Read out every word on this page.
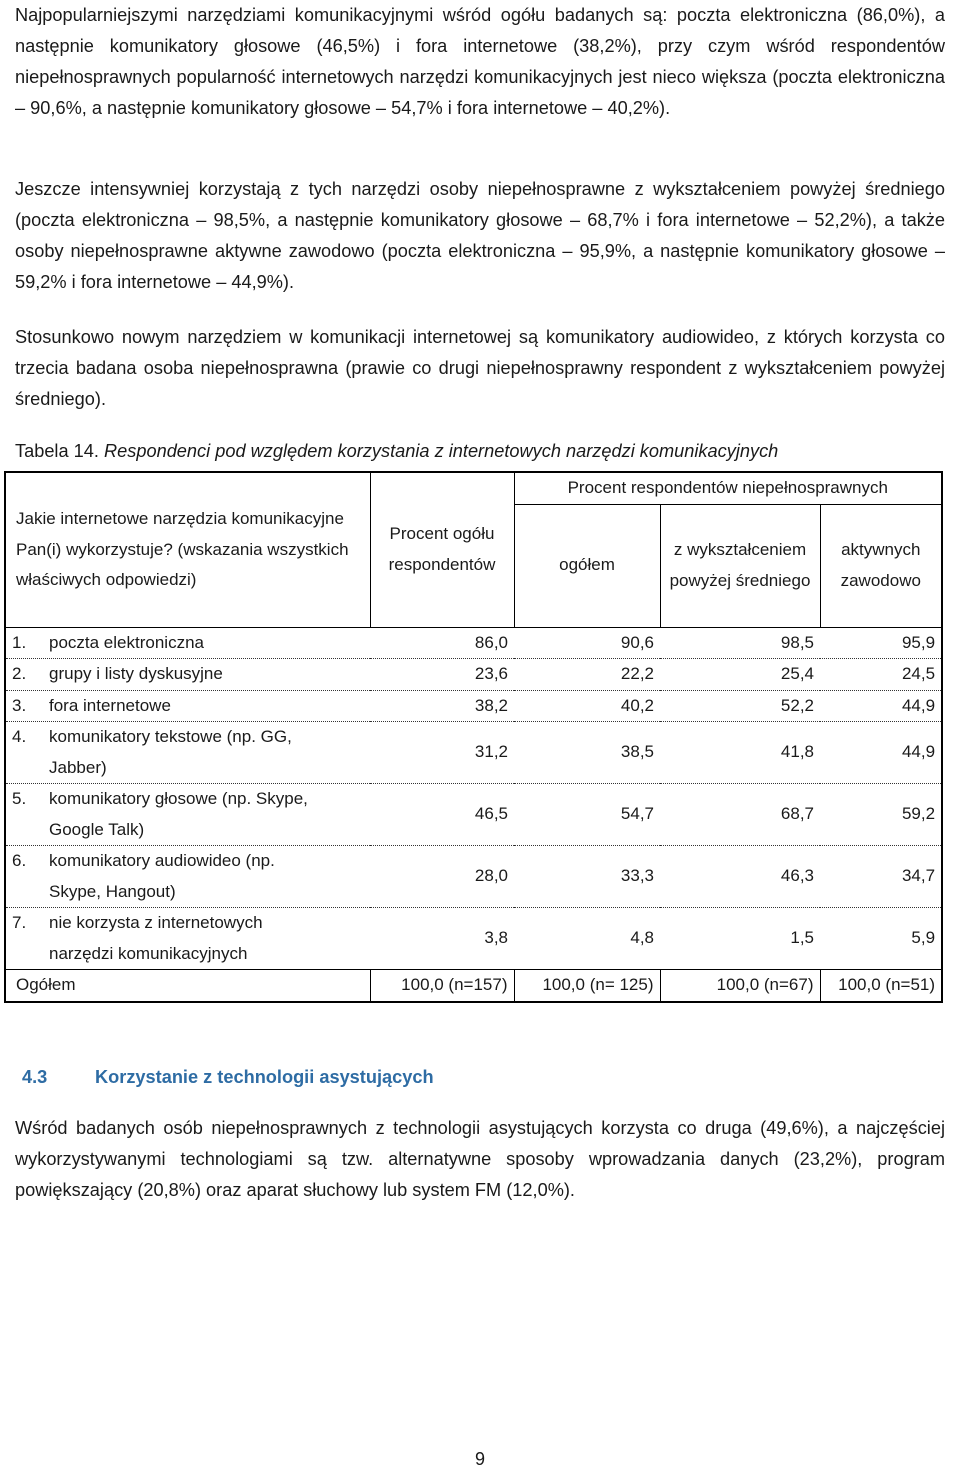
Najpopularniejszymi narzędziami komunikacyjnymi wśród ogółu badanych są: poczta elektroniczna (86,0%), a następnie komunikatory głosowe (46,5%) i fora internetowe (38,2%), przy czym wśród respondentów niepełnosprawnych popularność internetowych narzędzi komunikacyjnych jest nieco większa (poczta elektroniczna – 90,6%, a następnie komunikatory głosowe – 54,7% i fora internetowe – 40,2%).

Jeszcze intensywniej korzystają z tych narzędzi osoby niepełnosprawne z wykształceniem powyżej średniego (poczta elektroniczna – 98,5%, a następnie komunikatory głosowe – 68,7% i fora internetowe – 52,2%), a także osoby niepełnosprawne aktywne zawodowo (poczta elektroniczna – 95,9%, a następnie komunikatory głosowe – 59,2% i fora internetowe – 44,9%).

Stosunkowo nowym narzędziem w komunikacji internetowej są komunikatory audiowideo, z których korzysta co trzecia badana osoba niepełnosprawna (prawie co drugi niepełnosprawny respondent z wykształceniem powyżej średniego).

Tabela 14. Respondenci pod względem korzystania z internetowych narzędzi komunikacyjnych
Jakie internetowe narzędzia komunikacyjne Pan(i) wykorzystuje? (wskazania wszystkich właściwych odpowiedzi)	Procent ogółu respondentów	Procent respondentów niepełnosprawnych		
		ogółem	z wykształceniem powyżej średniego	aktywnych zawodowo

1. poczta elektroniczna	86,0	90,6	98,5	95,9

2. grupy i listy dyskusyjne	23,6	22,2	25,4	24,5

3. fora internetowe	38,2	40,2	52,2	44,9

4. komunikatory tekstowe (np. GG, Jabber)	31,2	38,5	41,8	44,9

5. komunikatory głosowe (np. Skype, Google Talk)	46,5	54,7	68,7	59,2

6. komunikatory audiowideo (np. Skype, Hangout)	28,0	33,3	46,3	34,7

7. nie korzysta z internetowych narzędzi komunikacyjnych	3,8	4,8	1,5	5,9
Ogółem	100,0 (n=157)	100,0 (n= 125)	100,0 (n=67)	100,0 (n=51)
4.3	Korzystanie z technologii asystujących

Wśród badanych osób niepełnosprawnych z technologii asystujących korzysta co druga (49,6%), a najczęściej wykorzystywanymi technologiami są tzw. alternatywne sposoby wprowadzania danych (23,2%), program powiększający (20,8%) oraz aparat słuchowy lub system FM (12,0%).

9
